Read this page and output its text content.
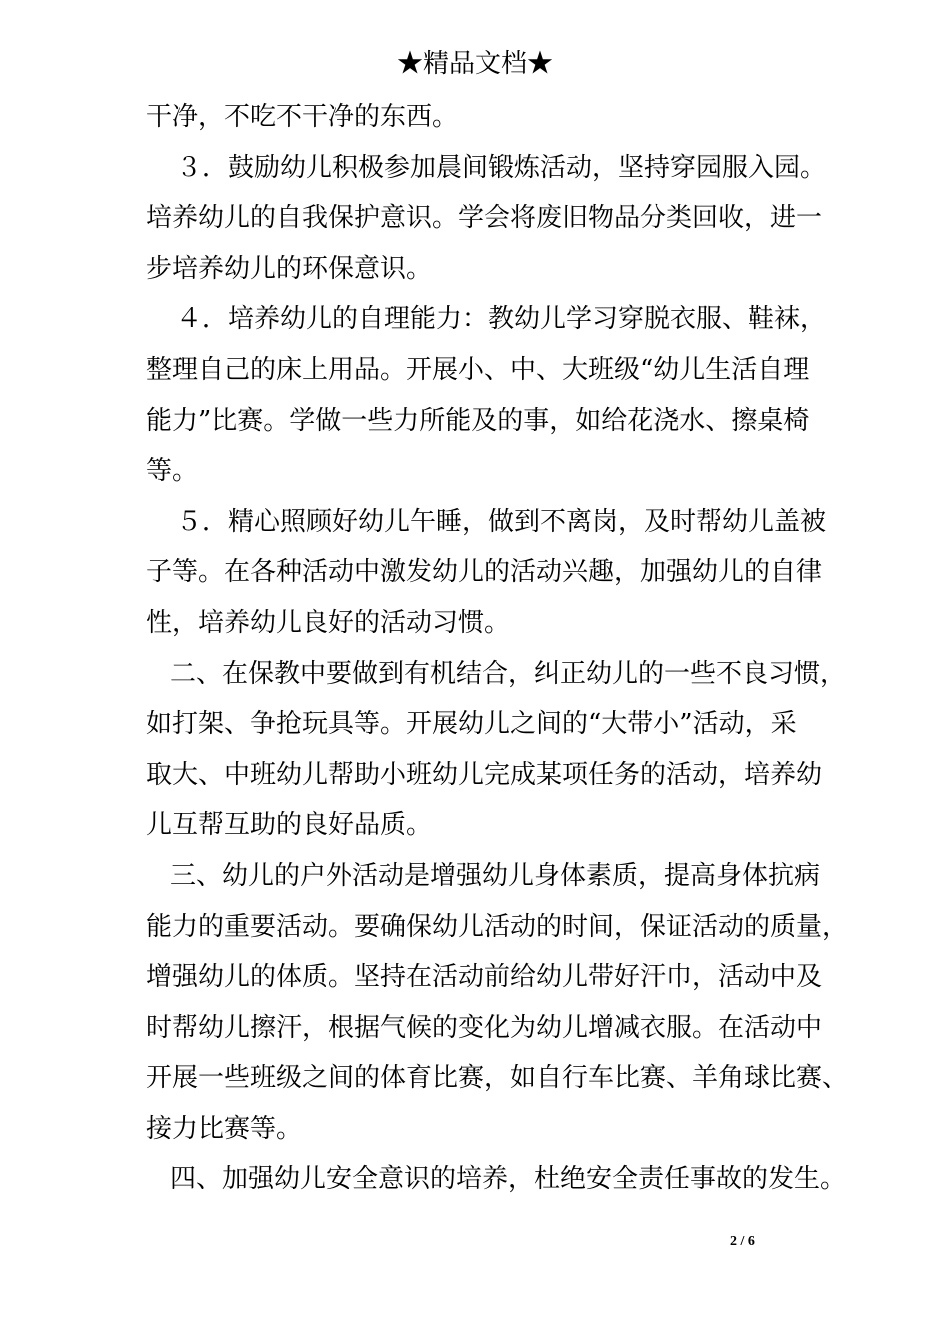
★精品文档★
干净，不吃不干净的东西。
３．鼓励幼儿积极参加晨间锻炼活动，坚持穿园服入园。
培养幼儿的自我保护意识。学会将废旧物品分类回收，进一
步培养幼儿的环保意识。
４．培养幼儿的自理能力：教幼儿学习穿脱衣服、鞋袜，
整理自己的床上用品。开展小、中、大班级“幼儿生活自理
能力”比赛。学做一些力所能及的事，如给花浇水、擦桌椅
等。
５．精心照顾好幼儿午睡，做到不离岗，及时帮幼儿盖被
子等。在各种活动中激发幼儿的活动兴趣，加强幼儿的自律
性，培养幼儿良好的活动习惯。
二、在保教中要做到有机结合，纠正幼儿的一些不良习惯，
如打架、争抢玩具等。开展幼儿之间的“大带小”活动，采
取大、中班幼儿帮助小班幼儿完成某项任务的活动，培养幼
儿互帮互助的良好品质。
三、幼儿的户外活动是增强幼儿身体素质，提高身体抗病
能力的重要活动。要确保幼儿活动的时间，保证活动的质量，
增强幼儿的体质。坚持在活动前给幼儿带好汗巾，活动中及
时帮幼儿擦汗，根据气候的变化为幼儿增减衣服。在活动中
开展一些班级之间的体育比赛，如自行车比赛、羊角球比赛、
接力比赛等。
四、加强幼儿安全意识的培养，杜绝安全责任事故的发生。
2 / 6
